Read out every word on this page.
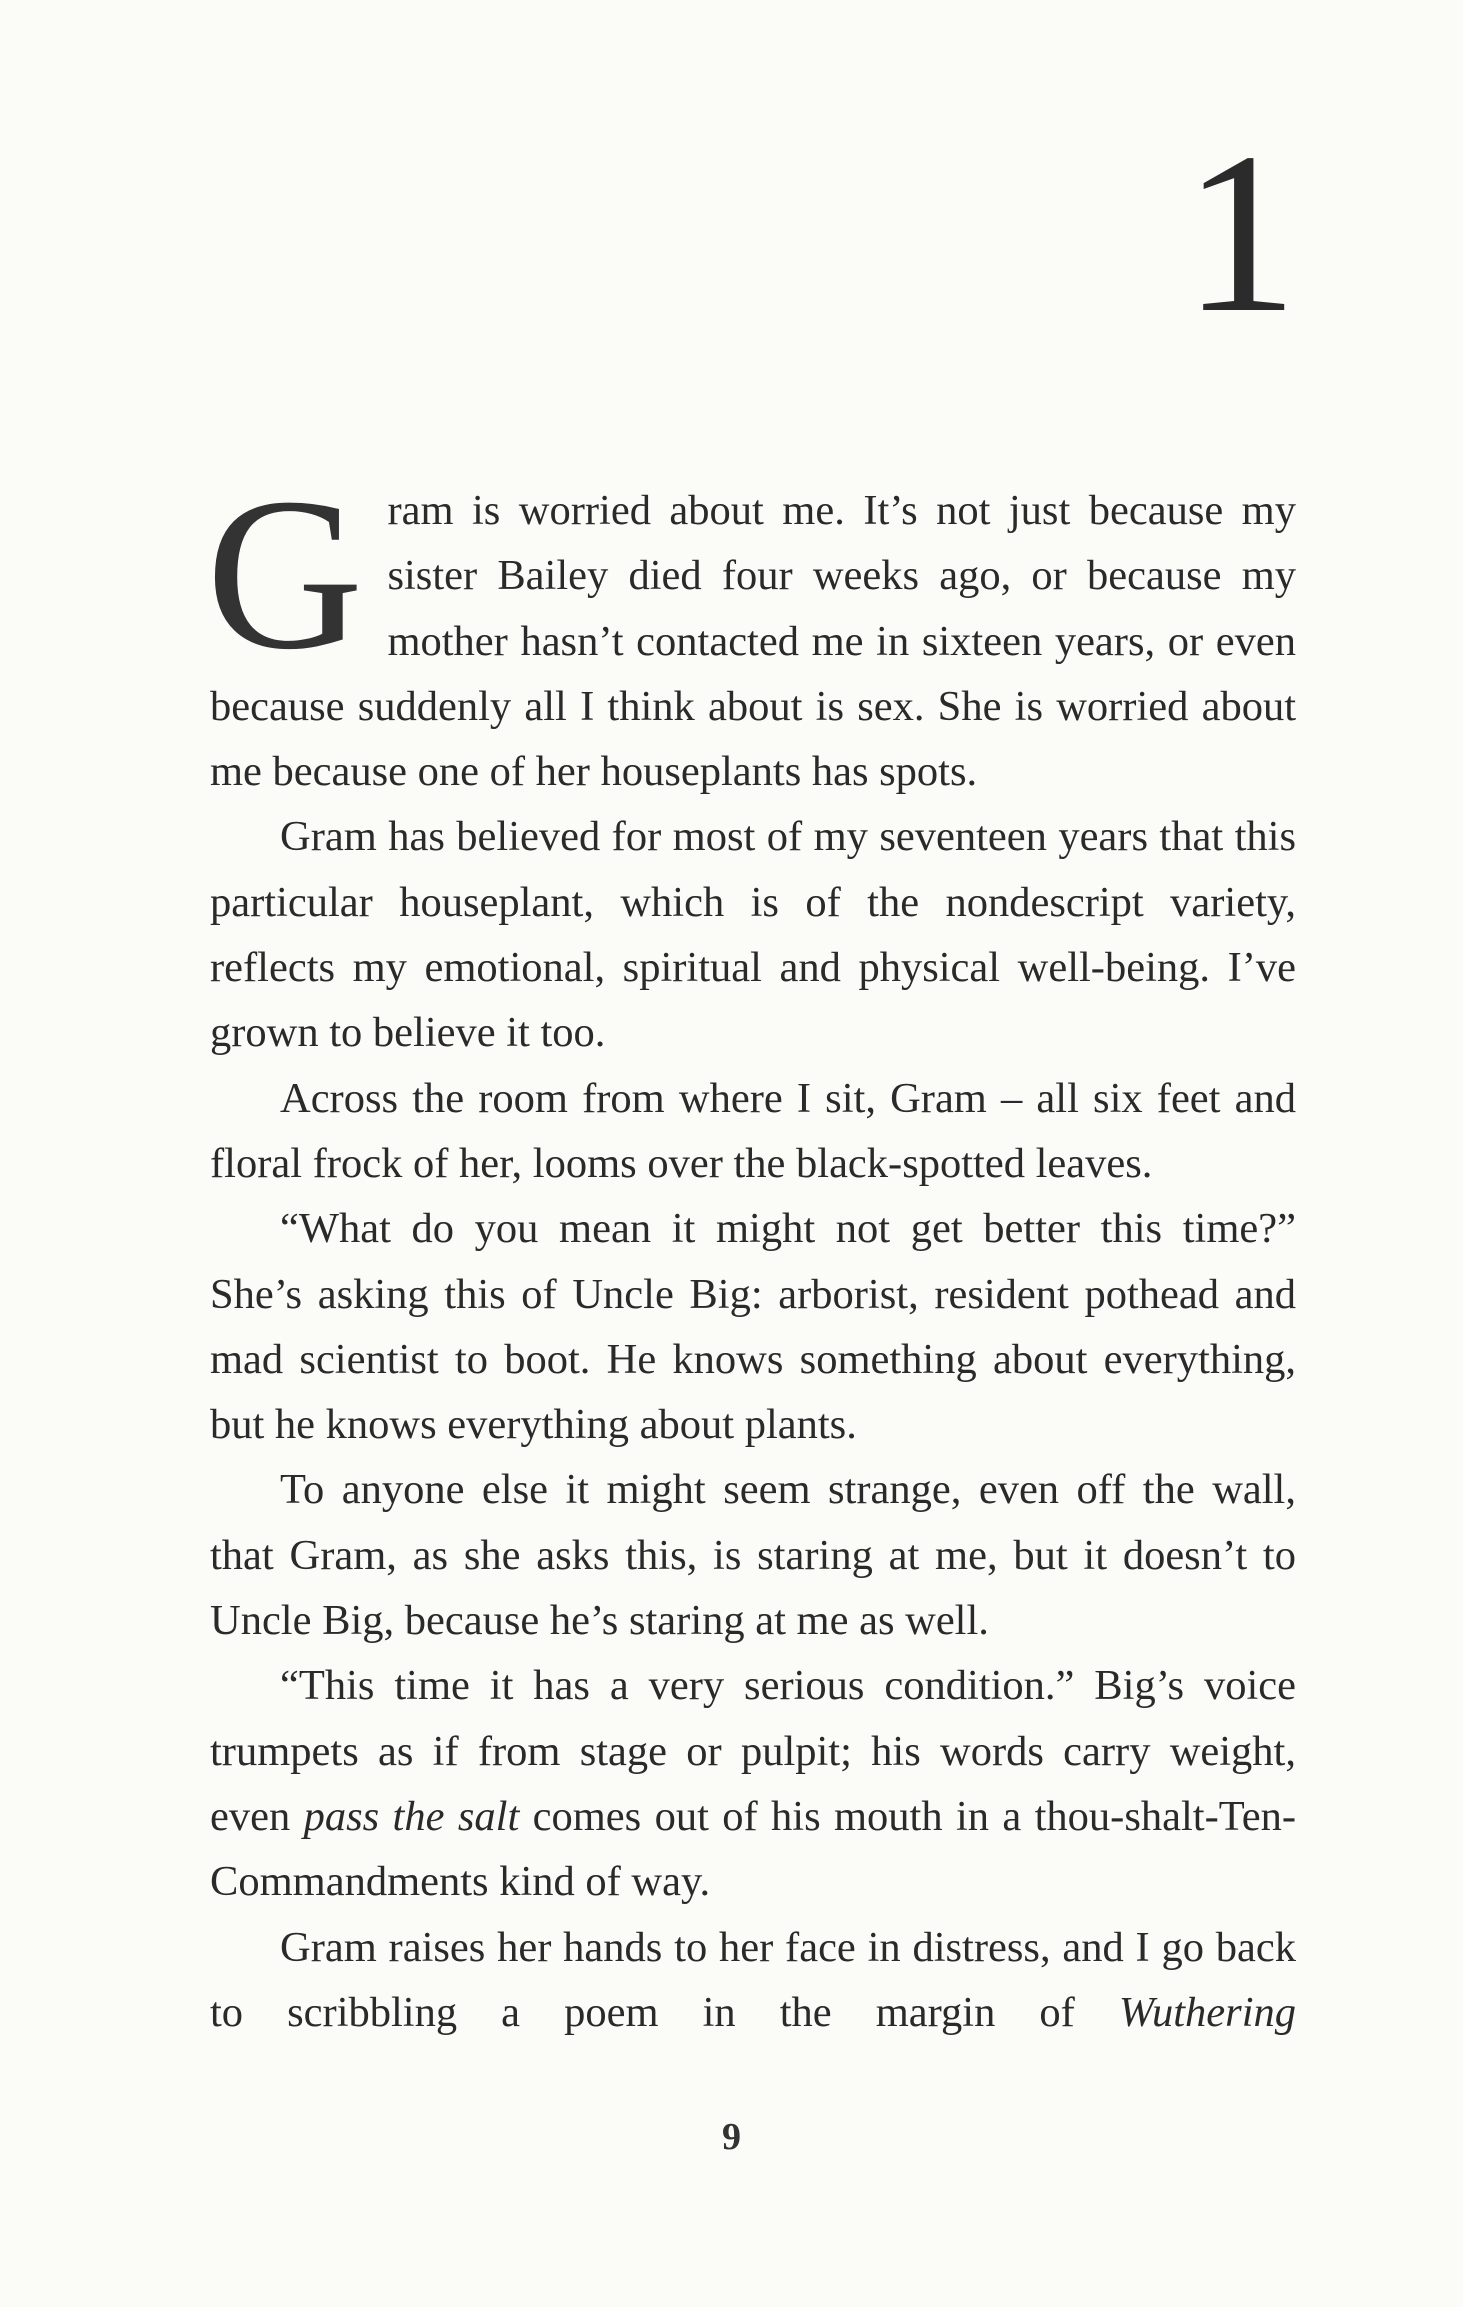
1

Gram is worried about me. It’s not just because my sister Bailey died four weeks ago, or because my mother hasn’t contacted me in sixteen years, or even because suddenly all I think about is sex. She is worried about me because one of her houseplants has spots.

Gram has believed for most of my seventeen years that this particular houseplant, which is of the nondescript variety, reflects my emotional, spiritual and physical well-being. I’ve grown to believe it too.

Across the room from where I sit, Gram – all six feet and floral frock of her, looms over the black-spotted leaves.

“What do you mean it might not get better this time?” She’s asking this of Uncle Big: arborist, resident pothead and mad scientist to boot. He knows something about everything, but he knows everything about plants.

To anyone else it might seem strange, even off the wall, that Gram, as she asks this, is staring at me, but it doesn’t to Uncle Big, because he’s staring at me as well.

“This time it has a very serious condition.” Big’s voice trumpets as if from stage or pulpit; his words carry weight, even pass the salt comes out of his mouth in a thou-shalt-Ten-Commandments kind of way.

Gram raises her hands to her face in distress, and I go back to scribbling a poem in the margin of Wuthering

9
